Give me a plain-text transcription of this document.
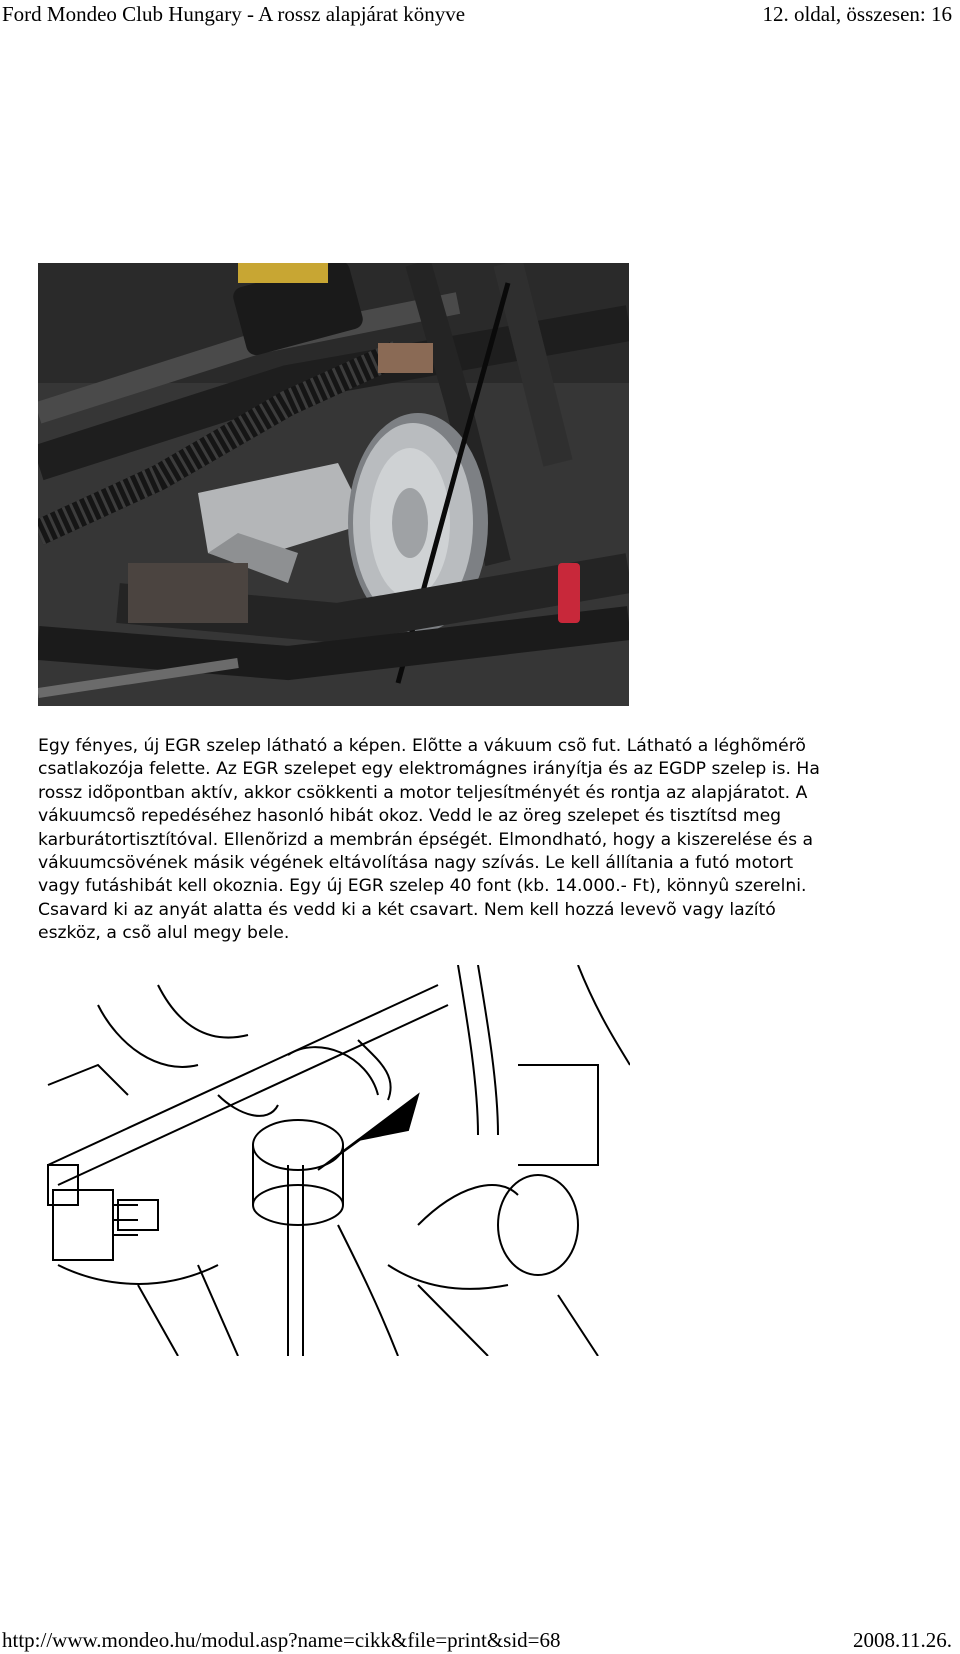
Ford Mondeo Club Hungary - A rossz alapjárat könyve	12. oldal, összesen: 16
Egy fényes, új EGR szelep látható a képen. Elõtte a vákuum csõ fut. Látható a léghõmérõ
csatlakozója felette. Az EGR szelepet egy elektromágnes irányítja és az EGDP szelep is. Ha
rossz idõpontban aktív, akkor csökkenti a motor teljesítményét és rontja az alapjáratot. A
vákuumcsõ repedéséhez hasonló hibát okoz. Vedd le az öreg szelepet és tisztítsd meg
karburátortisztítóval. Ellenõrizd a membrán épségét. Elmondható, hogy a kiszerelése és a
vákuumcsövének másik végének eltávolítása nagy szívás. Le kell állítania a futó motort
vagy futáshibát kell okoznia. Egy új EGR szelep 40 font (kb. 14.000.- Ft), könnyû szerelni.
Csavard ki az anyát alatta és vedd ki a két csavart. Nem kell hozzá levevõ vagy lazító
eszköz, a csõ alul megy bele.
http://www.mondeo.hu/modul.asp?name=cikk&file=print&sid=68	2008.11.26.
